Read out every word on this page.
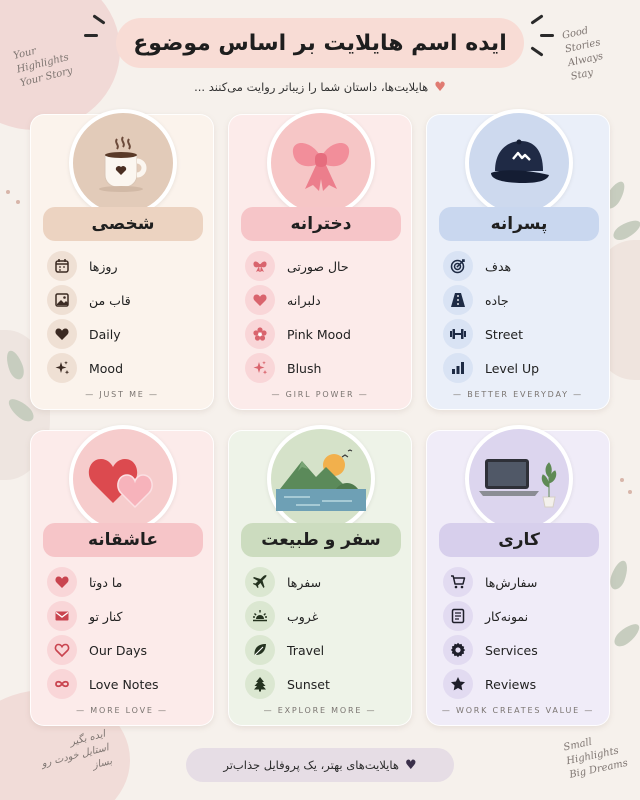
Your
Highlights
Your Story
Good
Stories
Always
Stay
ایده بگیر
استایل خودت رو بساز
Small
Highlights
Big Dreams
ایده اسم هایلایت بر اساس موضوع
♥
هایلایت‌ها، داستان شما را زیباتر روایت می‌کنند ...
شخصی
روزها
قاب من
Daily
Mood
— JUST ME —
دخترانه
حال صورتی
دلبرانه
Pink Mood
Blush
— GIRL POWER —
پسرانه
هدف
جاده
Street
Level Up
— BETTER EVERYDAY —
عاشقانه
ما دوتا
کنار تو
Our Days
Love Notes
— MORE LOVE —
سفر و طبیعت
سفرها
غروب
Travel
Sunset
— EXPLORE MORE —
کاری
سفارش‌ها
نمونه‌کار
Services
Reviews
— WORK CREATES VALUE —
♥
هایلایت‌های بهتر، یک پروفایل جذاب‌تر
